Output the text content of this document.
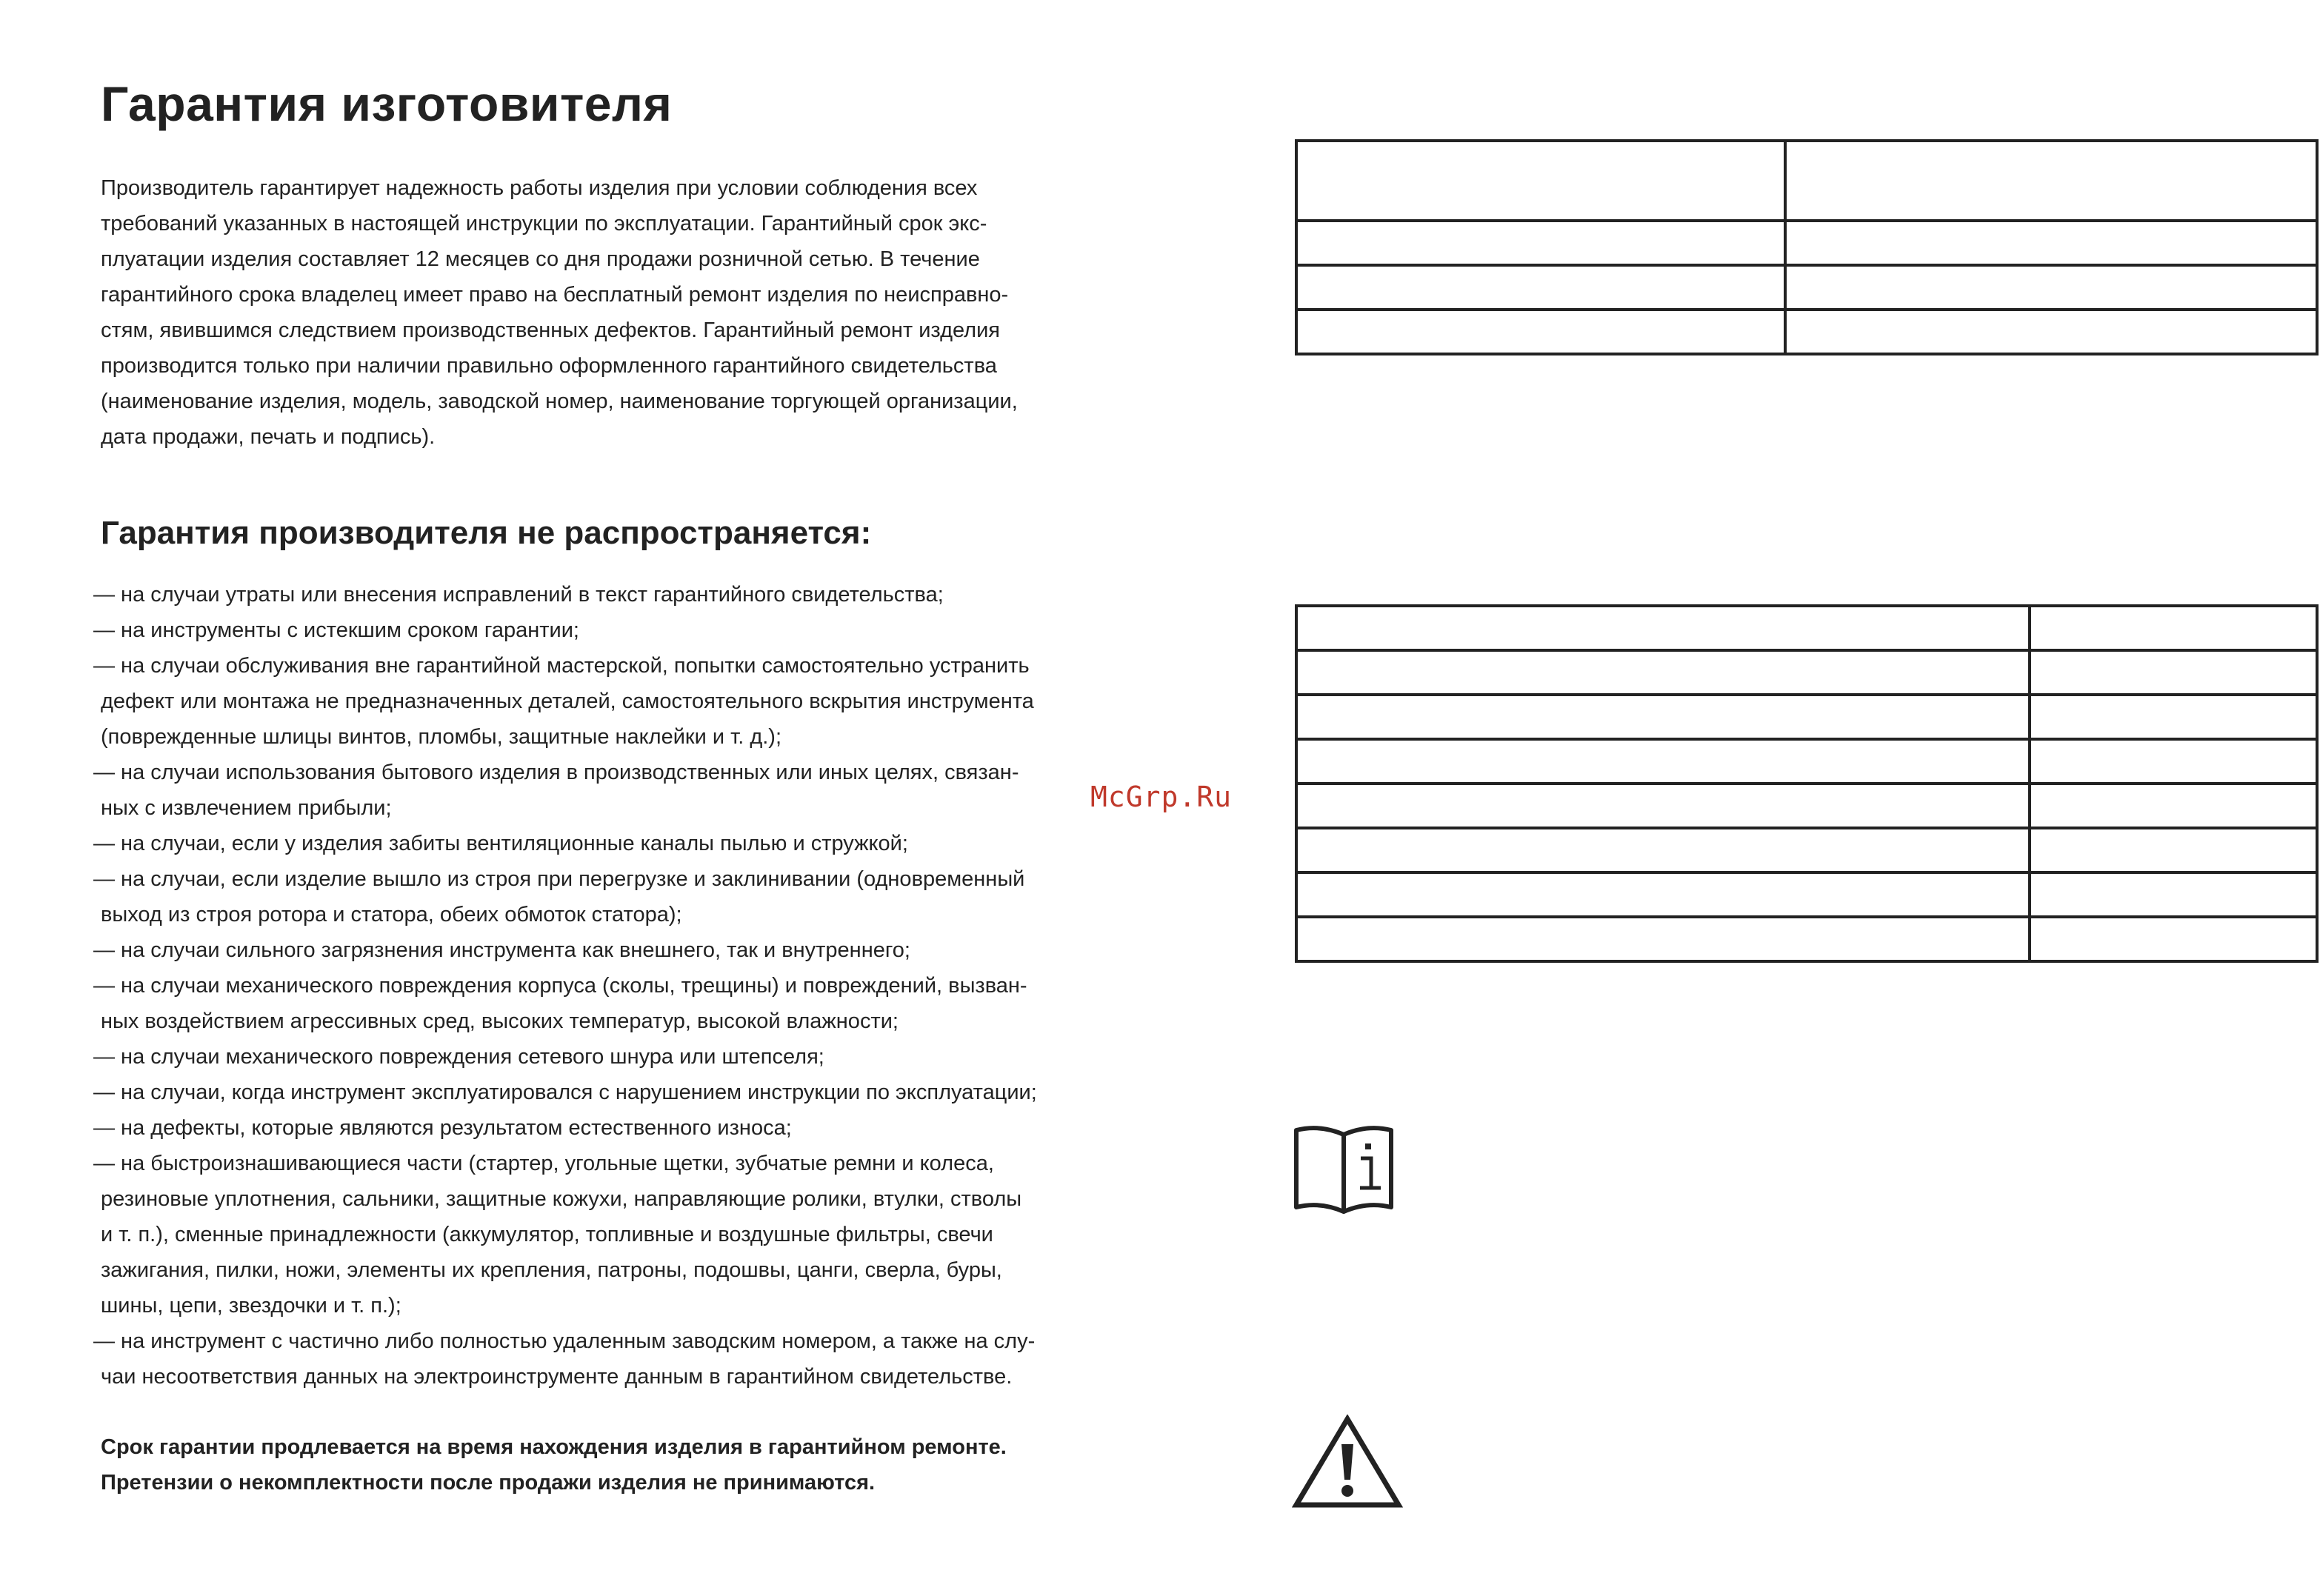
Гарантия изготовителя
Производитель гарантирует надежность работы изделия при условии соблюдения всех
требований указанных в настоящей инструкции по эксплуатации. Гарантийный срок экс-
плуатации изделия составляет 12 месяцев со дня продажи розничной сетью. В течение
гарантийного срока владелец имеет право на бесплатный ремонт изделия по неисправно-
стям, явившимся следствием производственных дефектов. Гарантийный ремонт изделия
производится только при наличии правильно оформленного гарантийного свидетельства
(наименование изделия, модель, заводской номер, наименование торгующей организации,
дата продажи, печать и подпись).
Гарантия производителя не распространяется:
— на случаи утраты или внесения исправлений в текст гарантийного свидетельства;
— на инструменты с истекшим сроком гарантии;
— на случаи обслуживания вне гарантийной мастерской, попытки самостоятельно устранить
дефект или монтажа не предназначенных деталей, самостоятельного вскрытия инструмента
(поврежденные шлицы винтов, пломбы, защитные наклейки и т. д.);
— на случаи использования бытового изделия в производственных или иных целях, связан-
ных с извлечением прибыли;
— на случаи, если у изделия забиты вентиляционные каналы пылью и стружкой;
— на случаи, если изделие вышло из строя при перегрузке и заклинивании (одновременный
выход из строя ротора и статора, обеих обмоток статора);
— на случаи сильного загрязнения инструмента как внешнего, так и внутреннего;
— на случаи механического повреждения корпуса (сколы, трещины) и повреждений, вызван-
ных воздействием агрессивных сред, высоких температур, высокой влажности;
— на случаи механического повреждения сетевого шнура или штепселя;
— на случаи, когда инструмент эксплуатировался с нарушением инструкции по эксплуатации;
— на дефекты, которые являются результатом естественного износа;
— на быстроизнашивающиеся части (стартер, угольные щетки, зубчатые ремни и колеса,
резиновые уплотнения, сальники, защитные кожухи, направляющие ролики, втулки, стволы
и т. п.), сменные принадлежности (аккумулятор, топливные и воздушные фильтры, свечи
зажигания, пилки, ножи, элементы их крепления, патроны, подошвы, цанги, сверла, буры,
шины, цепи, звездочки и т. п.);
— на инструмент с частично либо полностью удаленным заводским номером, а также на слу-
чаи несоответствия данных на электроинструменте данным в гарантийном свидетельстве.
Срок гарантии продлевается на время нахождения изделия в гарантийном ремонте.
Претензии о некомплектности после продажи изделия не принимаются.
McGrp.Ru
